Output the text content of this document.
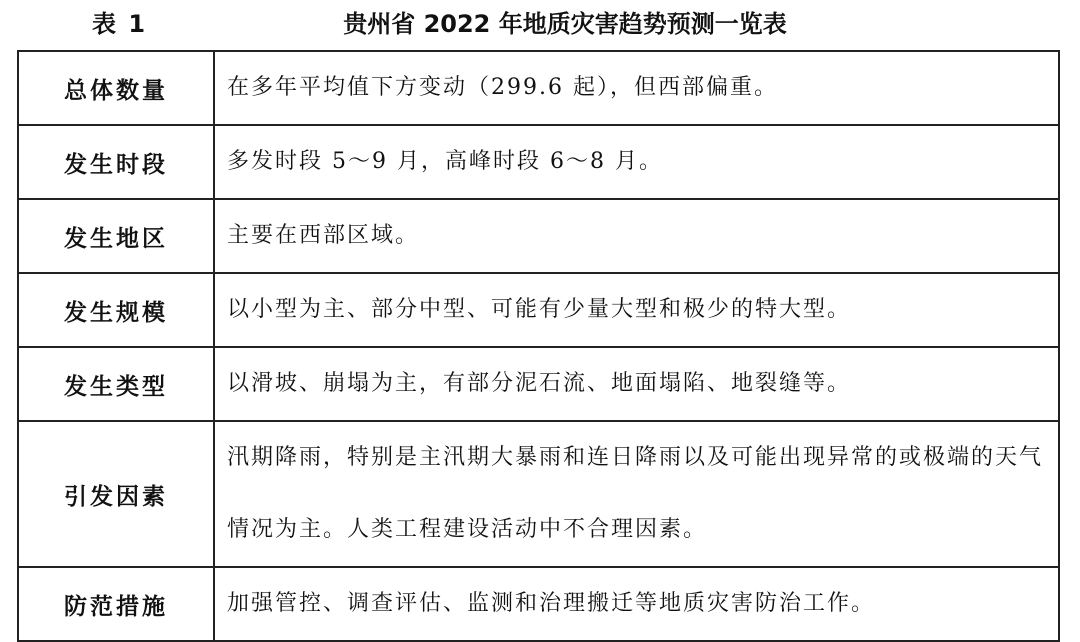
表 1	贵州省 2022 年地质灾害趋势预测一览表
总体数量	在多年平均值下方变动（299.6 起），但西部偏重。
发生时段	多发时段 5～9 月，高峰时段 6～8 月。
发生地区	主要在西部区域。
发生规模	以小型为主、部分中型、可能有少量大型和极少的特大型。
发生类型	以滑坡、崩塌为主，有部分泥石流、地面塌陷、地裂缝等。
引发因素	汛期降雨，特别是主汛期大暴雨和连日降雨以及可能出现异常的或极端的天气情况为主。人类工程建设活动中不合理因素。
防范措施	加强管控、调查评估、监测和治理搬迁等地质灾害防治工作。
